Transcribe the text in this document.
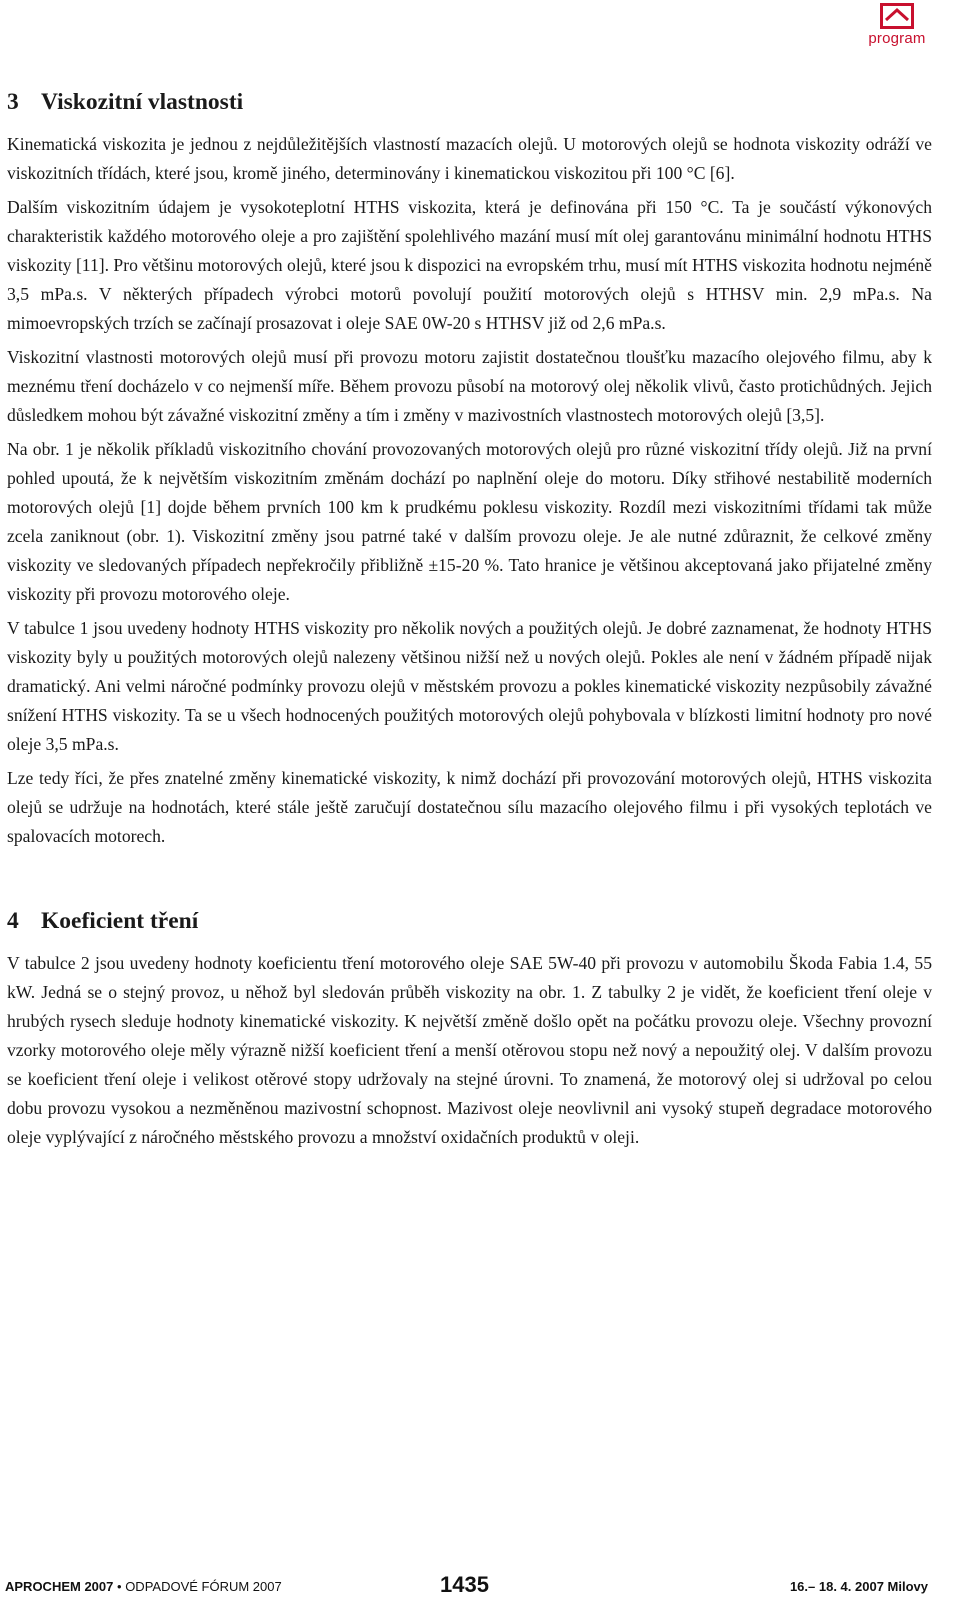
program
3 Viskozitní vlastnosti

Kinematická viskozita je jednou z nejdůležitějších vlastností mazacích olejů. U motorových olejů se hodnota viskozity odráží ve viskozitních třídách, které jsou, kromě jiného, determinovány i kinematickou viskozitou při 100 °C [6].

Dalším viskozitním údajem je vysokoteplotní HTHS viskozita, která je definována při 150 °C. Ta je součástí výkonových charakteristik každého motorového oleje a pro zajištění spolehlivého mazání musí mít olej garantovánu minimální hodnotu HTHS viskozity [11]. Pro většinu motorových olejů, které jsou k dispozici na evropském trhu, musí mít HTHS viskozita hodnotu nejméně 3,5 mPa.s. V některých případech výrobci motorů povolují použití motorových olejů s HTHSV min. 2,9 mPa.s. Na mimoevropských trzích se začínají prosazovat i oleje SAE 0W-20 s HTHSV již od 2,6 mPa.s.

Viskozitní vlastnosti motorových olejů musí při provozu motoru zajistit dostatečnou tloušťku mazacího olejového filmu, aby k meznému tření docházelo v co nejmenší míře. Během provozu působí na motorový olej několik vlivů, často protichůdných. Jejich důsledkem mohou být závažné viskozitní změny a tím i změny v mazivostních vlastnostech motorových olejů [3,5].

Na obr. 1 je několik příkladů viskozitního chování provozovaných motorových olejů pro různé viskozitní třídy olejů. Již na první pohled upoutá, že k největším viskozitním změnám dochází po naplnění oleje do motoru. Díky střihové nestabilitě moderních motorových olejů [1] dojde během prvních 100 km k prudkému poklesu viskozity. Rozdíl mezi viskozitními třídami tak může zcela zaniknout (obr. 1). Viskozitní změny jsou patrné také v dalším provozu oleje. Je ale nutné zdůraznit, že celkové změny viskozity ve sledovaných případech nepřekročily přibližně ±15-20 %. Tato hranice je většinou akceptovaná jako přijatelné změny viskozity při provozu motorového oleje.

V tabulce 1 jsou uvedeny hodnoty HTHS viskozity pro několik nových a použitých olejů. Je dobré zaznamenat, že hodnoty HTHS viskozity byly u použitých motorových olejů nalezeny většinou nižší než u nových olejů. Pokles ale není v žádném případě nijak dramatický. Ani velmi náročné podmínky provozu olejů v městském provozu a pokles kinematické viskozity nezpůsobily závažné snížení HTHS viskozity. Ta se u všech hodnocených použitých motorových olejů pohybovala v blízkosti limitní hodnoty pro nové oleje 3,5 mPa.s.

Lze tedy říci, že přes znatelné změny kinematické viskozity, k nimž dochází při provozování motorových olejů, HTHS viskozita olejů se udržuje na hodnotách, které stále ještě zaručují dostatečnou sílu mazacího olejového filmu i při vysokých teplotách ve spalovacích motorech.

4 Koeficient tření

V tabulce 2 jsou uvedeny hodnoty koeficientu tření motorového oleje SAE 5W-40 při provozu v automobilu Škoda Fabia 1.4, 55 kW. Jedná se o stejný provoz, u něhož byl sledován průběh viskozity na obr. 1. Z tabulky 2 je vidět, že koeficient tření oleje v hrubých rysech sleduje hodnoty kinematické viskozity. K největší změně došlo opět na počátku provozu oleje. Všechny provozní vzorky motorového oleje měly výrazně nižší koeficient tření a menší otěrovou stopu než nový a nepoužitý olej. V dalším provozu se koeficient tření oleje i velikost otěrové stopy udržovaly na stejné úrovni. To znamená, že motorový olej si udržoval po celou dobu provozu vysokou a nezměněnou mazivostní schopnost. Mazivost oleje neovlivnil ani vysoký stupeň degradace motorového oleje vyplývající z náročného městského provozu a množství oxidačních produktů v oleji.

APROCHEM 2007 • ODPADOVÉ FÓRUM 2007	1435	16.– 18. 4. 2007 Milovy
